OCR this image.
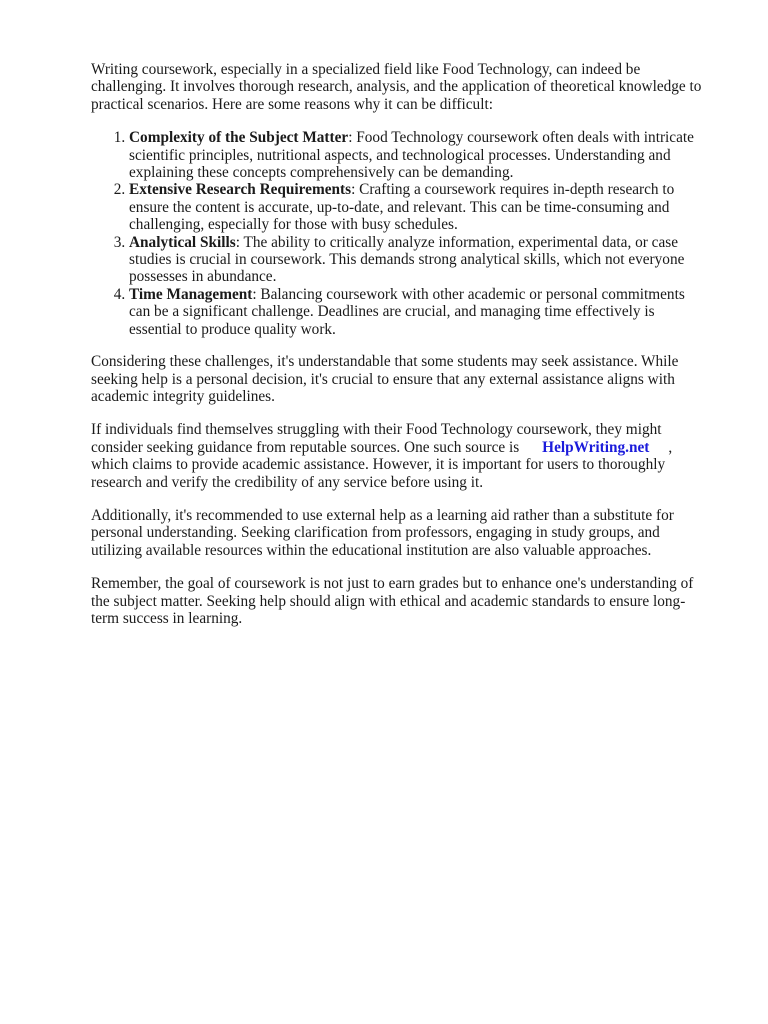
Writing coursework, especially in a specialized field like Food Technology, can indeed be
challenging. It involves thorough research, analysis, and the application of theoretical knowledge to
practical scenarios. Here are some reasons why it can be difficult:

1. Complexity of the Subject Matter: Food Technology coursework often deals with intricate
scientific principles, nutritional aspects, and technological processes. Understanding and
explaining these concepts comprehensively can be demanding.
2. Extensive Research Requirements: Crafting a coursework requires in-depth research to
ensure the content is accurate, up-to-date, and relevant. This can be time-consuming and
challenging, especially for those with busy schedules.
3. Analytical Skills: The ability to critically analyze information, experimental data, or case
studies is crucial in coursework. This demands strong analytical skills, which not everyone
possesses in abundance.
4. Time Management: Balancing coursework with other academic or personal commitments
can be a significant challenge. Deadlines are crucial, and managing time effectively is
essential to produce quality work.

Considering these challenges, it's understandable that some students may seek assistance. While
seeking help is a personal decision, it's crucial to ensure that any external assistance aligns with
academic integrity guidelines.

If individuals find themselves struggling with their Food Technology coursework, they might
consider seeking guidance from reputable sources. One such source is HelpWriting.net ,
which claims to provide academic assistance. However, it is important for users to thoroughly
research and verify the credibility of any service before using it.

Additionally, it's recommended to use external help as a learning aid rather than a substitute for
personal understanding. Seeking clarification from professors, engaging in study groups, and
utilizing available resources within the educational institution are also valuable approaches.

Remember, the goal of coursework is not just to earn grades but to enhance one's understanding of
the subject matter. Seeking help should align with ethical and academic standards to ensure long-
term success in learning.
